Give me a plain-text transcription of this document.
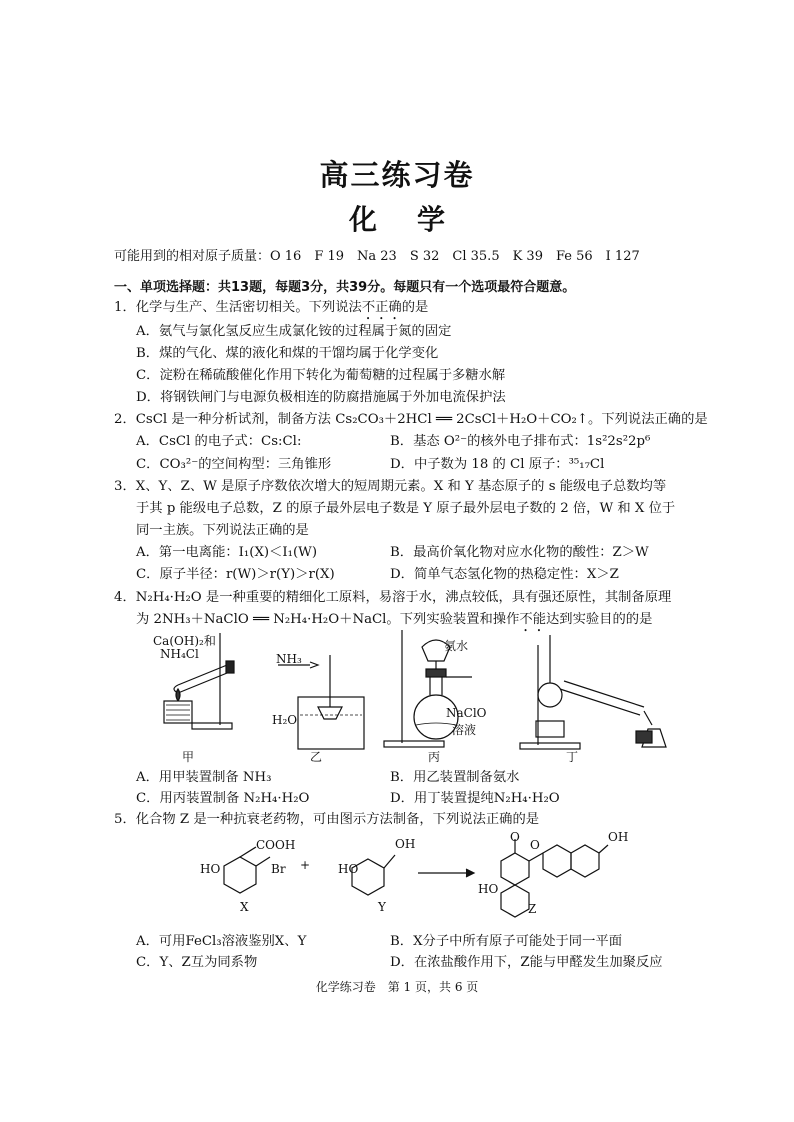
高三练习卷
化学
可能用到的相对原子质量：O 16　F 19　Na 23　S 32　Cl 35.5　K 39　Fe 56　I 127
一、单项选择题：共13题，每题3分，共39分。每题只有一个选项最符合题意。
1．化学与生产、生活密切相关。下列说法不正确的是
A．氨气与氯化氢反应生成氯化铵的过程属于氮的固定
B．煤的气化、煤的液化和煤的干馏均属于化学变化
C．淀粉在稀硫酸催化作用下转化为葡萄糖的过程属于多糖水解
D．将钢铁闸门与电源负极相连的防腐措施属于外加电流保护法
2．CsCl 是一种分析试剂，制备方法 Cs₂CO₃＋2HCl ══ 2CsCl＋H₂O＋CO₂↑。下列说法正确的是
A．CsCl 的电子式：Cs:Cl:	B．基态 O²⁻的核外电子排布式：1s²2s²2p⁶
C．CO₃²⁻的空间构型：三角锥形	D．中子数为 18 的 Cl 原子：³⁵₁₇Cl
3．X、Y、Z、W 是原子序数依次增大的短周期元素。X 和 Y 基态原子的 s 能级电子总数均等
于其 p 能级电子总数，Z 的原子最外层电子数是 Y 原子最外层电子数的 2 倍，W 和 X 位于
同一主族。下列说法正确的是
A．第一电离能：I₁(X)＜I₁(W)	B．最高价氧化物对应水化物的酸性：Z＞W
C．原子半径：r(W)＞r(Y)＞r(X)	D．简单气态氢化物的热稳定性：X＞Z
4．N₂H₄·H₂O 是一种重要的精细化工原料，易溶于水，沸点较低，具有强还原性，其制备原理
为 2NH₃＋NaClO ══ N₂H₄·H₂O＋NaCl。下列实验装置和操作不能达到实验目的的是
Ca(OH)₂和
NH₄Cl	NH₃
H₂O
氨水
NaClO
溶液
甲	乙	丙	丁
A．用甲装置制备 NH₃	B．用乙装置制备氨水
C．用丙装置制备 N₂H₄·H₂O	D．用丁装置提纯N₂H₄·H₂O
5．化合物 Z 是一种抗衰老药物，可由图示方法制备，下列说法正确的是
COOH
Br
HO	+
OH
HO
O
O
OH
HO
X	Y	Z
A．可用FeCl₃溶液鉴别X、Y	B．X分子中所有原子可能处于同一平面
C．Y、Z互为同系物	D．在浓盐酸作用下，Z能与甲醛发生加聚反应
化学练习卷　第 1 页，共 6 页
